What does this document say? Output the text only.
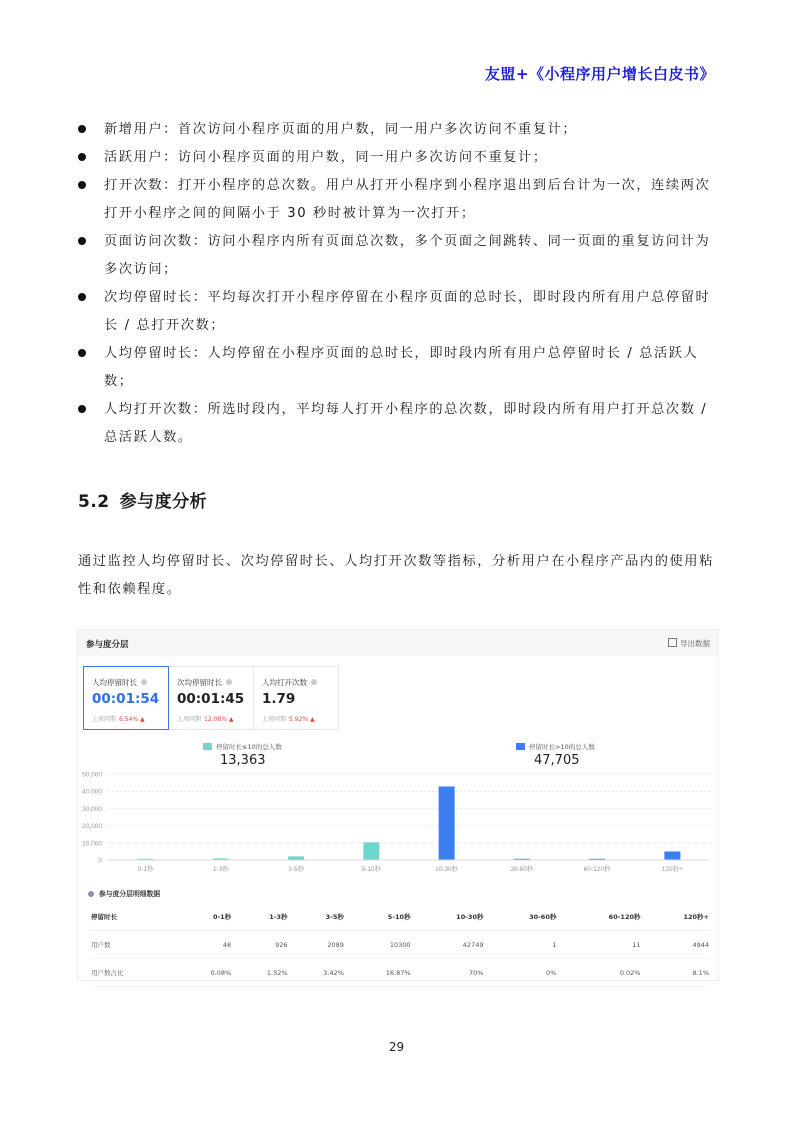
友盟+《小程序用户增长白皮书》
新增用户：首次访问小程序页面的用户数，同一用户多次访问不重复计；
活跃用户：访问小程序页面的用户数，同一用户多次访问不重复计；
打开次数：打开小程序的总次数。用户从打开小程序到小程序退出到后台计为一次，连续两次打开小程序之间的间隔小于 30 秒时被计算为一次打开；
页面访问次数：访问小程序内所有页面总次数，多个页面之间跳转、同一页面的重复访问计为多次访问；
次均停留时长：平均每次打开小程序停留在小程序页面的总时长，即时段内所有用户总停留时长 / 总打开次数；
人均停留时长：人均停留在小程序页面的总时长，即时段内所有用户总停留时长 / 总活跃人数；
人均打开次数：所选时段内，平均每人打开小程序的总次数，即时段内所有用户打开总次数 / 总活跃人数。
5.2 参与度分析
通过监控人均停留时长、次均停留时长、人均打开次数等指标，分析用户在小程序产品内的使用粘性和依赖程度。
参与度分层	导出数据
人均停留时长
00:01:54
上周同期 6.54% ▲
次均停留时长
00:01:45
上周同期 12.08% ▲
人均打开次数
1.79
上周同期 5.92% ▲
停留时长≤10的总人数
13,363
停留时长>10的总人数
47,705
50,000
40,000
30,000
20,000
10,000
0
0-1秒	1-3秒	3-5秒	5-10秒	10-30秒	30-60秒	60-120秒	120秒+
参与度分层明细数据
停留时长	0-1秒	1-3秒	3-5秒	5-10秒	10-30秒	30-60秒	60-120秒	120秒+
用户数	48	926	2089	10300	42749	1	11	4944
用户数占比	0.08%	1.52%	3.42%	16.87%	70%	0%	0.02%	8.1%
29
